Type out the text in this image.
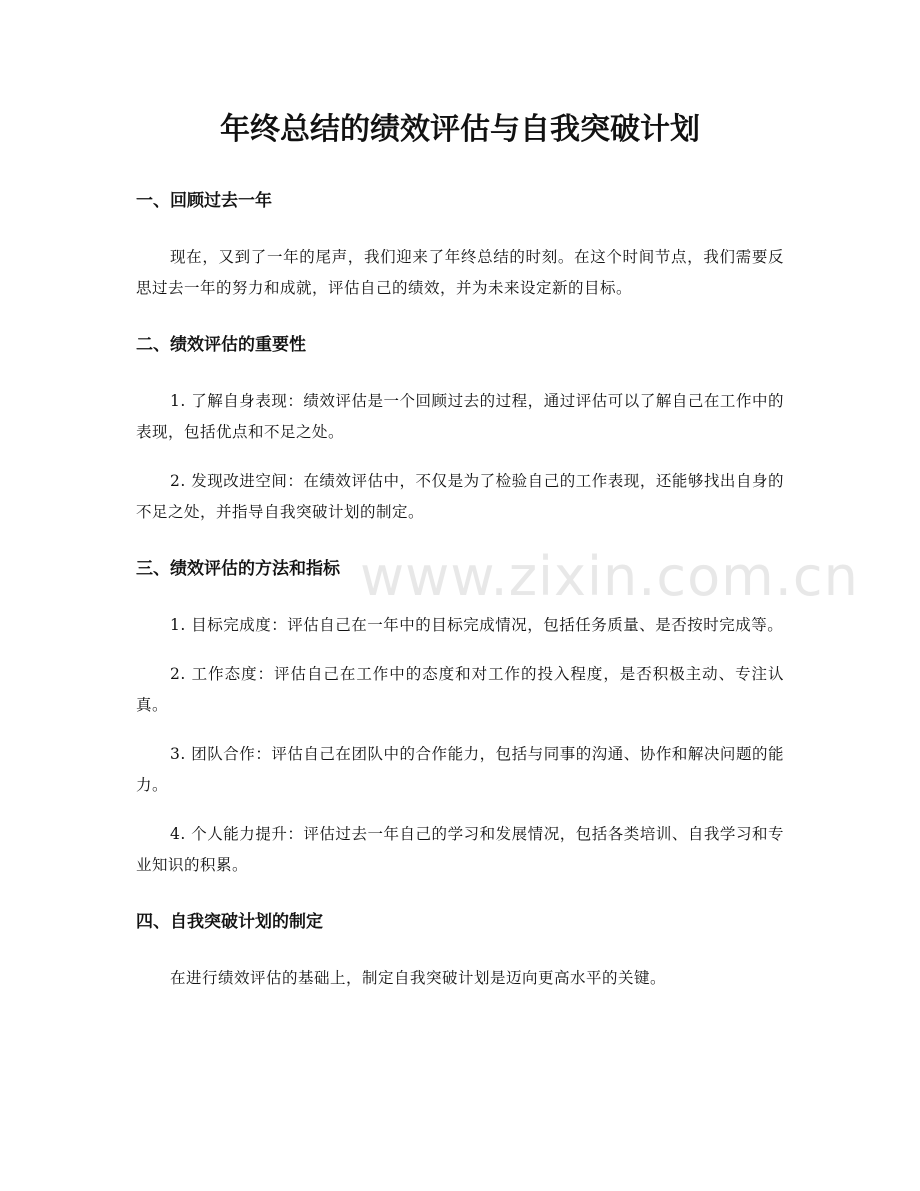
年终总结的绩效评估与自我突破计划
www.zixin.com.cn
一、回顾过去一年

现在，又到了一年的尾声，我们迎来了年终总结的时刻。在这个时间节点，我们需要反思过去一年的努力和成就，评估自己的绩效，并为未来设定新的目标。

二、绩效评估的重要性

1. 了解自身表现：绩效评估是一个回顾过去的过程，通过评估可以了解自己在工作中的表现，包括优点和不足之处。

2. 发现改进空间：在绩效评估中，不仅是为了检验自己的工作表现，还能够找出自身的不足之处，并指导自我突破计划的制定。

三、绩效评估的方法和指标

1. 目标完成度：评估自己在一年中的目标完成情况，包括任务质量、是否按时完成等。

2. 工作态度：评估自己在工作中的态度和对工作的投入程度，是否积极主动、专注认真。

3. 团队合作：评估自己在团队中的合作能力，包括与同事的沟通、协作和解决问题的能力。

4. 个人能力提升：评估过去一年自己的学习和发展情况，包括各类培训、自我学习和专业知识的积累。

四、自我突破计划的制定

在进行绩效评估的基础上，制定自我突破计划是迈向更高水平的关键。
